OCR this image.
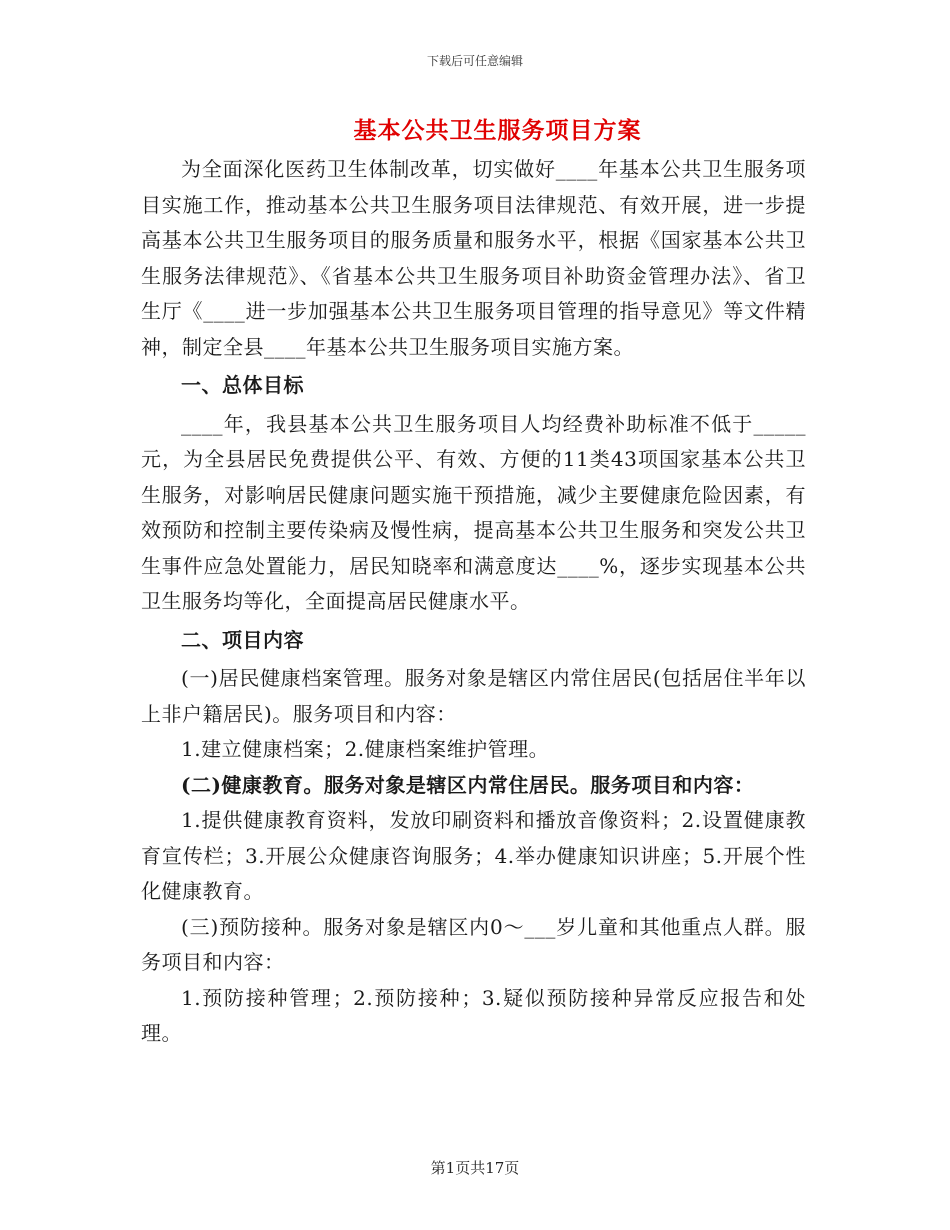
下载后可任意编辑
基本公共卫生服务项目方案

为全面深化医药卫生体制改革，切实做好____年基本公共卫生服务项目实施工作，推动基本公共卫生服务项目法律规范、有效开展，进一步提高基本公共卫生服务项目的服务质量和服务水平，根据《国家基本公共卫生服务法律规范》、《省基本公共卫生服务项目补助资金管理办法》、省卫生厅《____进一步加强基本公共卫生服务项目管理的指导意见》等文件精神，制定全县____年基本公共卫生服务项目实施方案。

一、总体目标

____年，我县基本公共卫生服务项目人均经费补助标准不低于_____元，为全县居民免费提供公平、有效、方便的11类43项国家基本公共卫生服务，对影响居民健康问题实施干预措施，减少主要健康危险因素，有效预防和控制主要传染病及慢性病，提高基本公共卫生服务和突发公共卫生事件应急处置能力，居民知晓率和满意度达____%，逐步实现基本公共卫生服务均等化，全面提高居民健康水平。

二、项目内容

(一)居民健康档案管理。服务对象是辖区内常住居民(包括居住半年以上非户籍居民)。服务项目和内容：

1.建立健康档案；2.健康档案维护管理。

(二)健康教育。服务对象是辖区内常住居民。服务项目和内容：

1.提供健康教育资料，发放印刷资料和播放音像资料；2.设置健康教育宣传栏；3.开展公众健康咨询服务；4.举办健康知识讲座；5.开展个性化健康教育。

(三)预防接种。服务对象是辖区内0～___岁儿童和其他重点人群。服务项目和内容：

1.预防接种管理；2.预防接种；3.疑似预防接种异常反应报告和处理。

第1页共17页
